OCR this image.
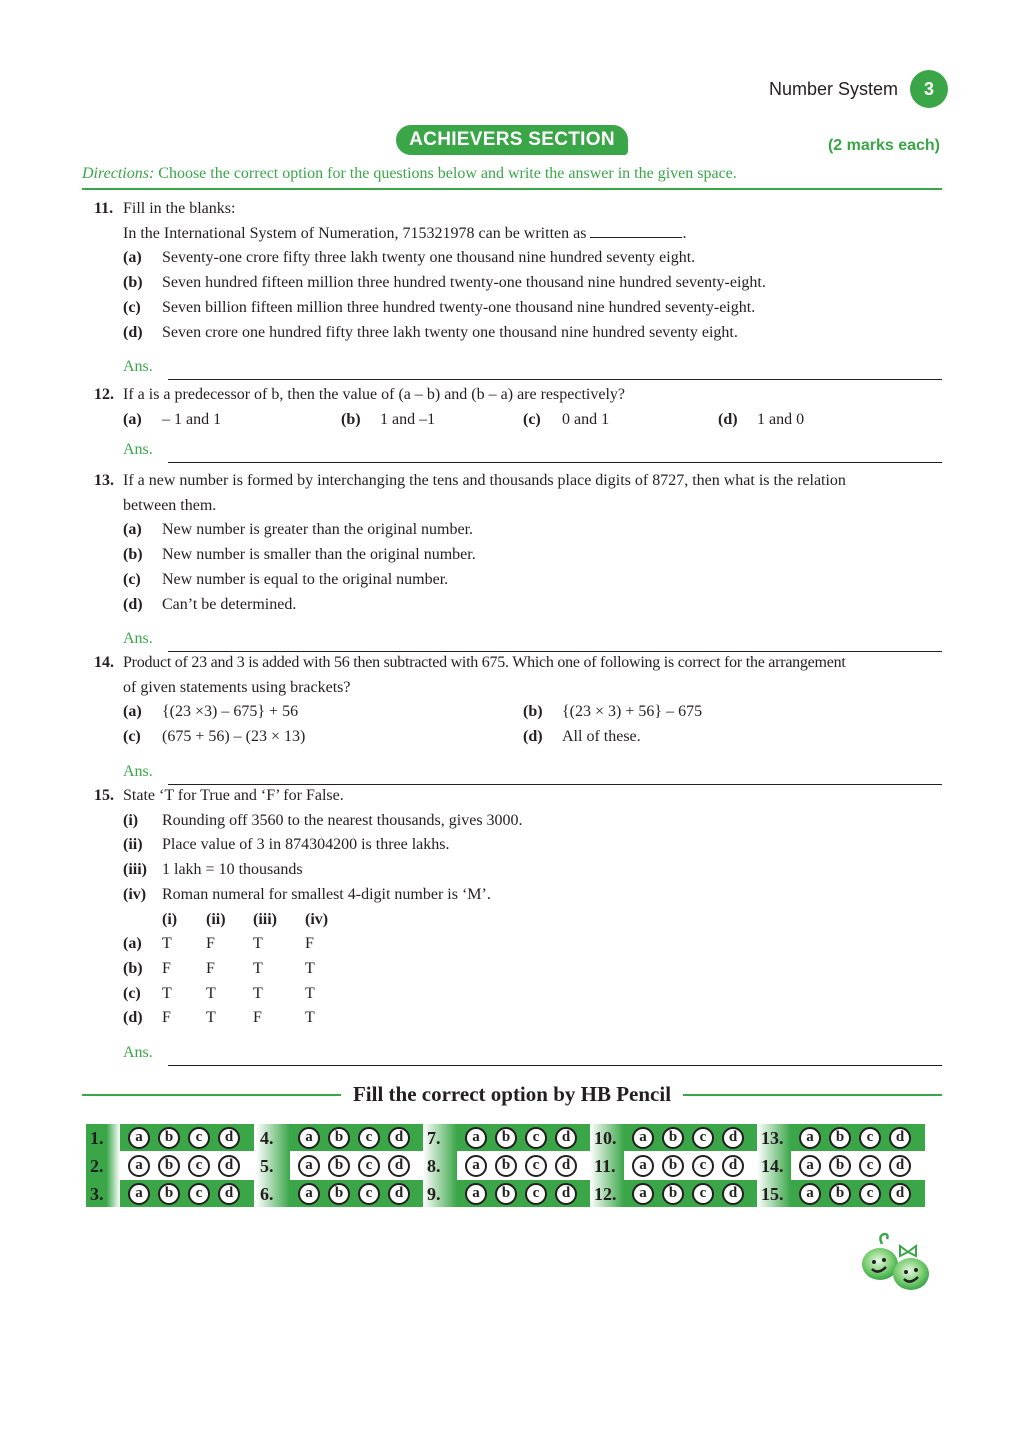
Number System	3
ACHIEVERS SECTION	(2 marks each)
Directions: Choose the correct option for the questions below and write the answer in the given space.
11. Fill in the blanks:
In the International System of Numeration, 715321978 can be written as	.
(a)	Seventy-one crore fifty three lakh twenty one thousand nine hundred seventy eight.
(b)	Seven hundred fifteen million three hundred twenty-one thousand nine hundred seventy-eight.
(c)	Seven billion fifteen million three hundred twenty-one thousand nine hundred seventy-eight.
(d)	Seven crore one hundred fifty three lakh twenty one thousand nine hundred seventy eight.
Ans.
12. If a is a predecessor of b, then the value of (a – b) and (b – a) are respectively?
(a)	– 1 and 1	(b)	1 and –1	(c)	0 and 1	(d)	1 and 0
Ans.
13. If a new number is formed by interchanging the tens and thousands place digits of 8727, then what is the relation
between them.
(a)	New number is greater than the original number.
(b)	New number is smaller than the original number.
(c)	New number is equal to the original number.
(d)	Can’t be determined.
Ans.
14. Product of 23 and 3 is added with 56 then subtracted with 675. Which one of following is correct for the arrangement
of given statements using brackets?
(a)	{(23 ×3) – 675} + 56	(b)	{(23 × 3) + 56} – 675
(c)	(675 + 56) – (23 × 13)	(d)	All of these.
Ans.
15. State ‘T for True and ‘F’ for False.
(i)	Rounding off 3560 to the nearest thousands, gives 3000.
(ii)	Place value of 3 in 874304200 is three lakhs.
(iii) 1 lakh = 10 thousands
(iv) Roman numeral for smallest 4-digit number is ‘M’.
(i)	(ii)	(iii)	(iv)
(a)	T	F	T	F
(b)	F	F	T	T
(c)	T	T	T	T
(d)	F	T	F	T
Ans.
Fill the correct option by HB Pencil
1.	a	b	c	d
2.	a	b	c	d
3.	a	b	c	d
4.	a	b	c	d
5.	a	b	c	d
6.	a	b	c	d
7.	a	b	c	d
8.	a	b	c	d
9.	a	b	c	d
10.	a	b	c	d
11.	a	b	c	d
12.	a	b	c	d
13.	a	b	c	d
14.	a	b	c	d
15.	a	b	c	d
